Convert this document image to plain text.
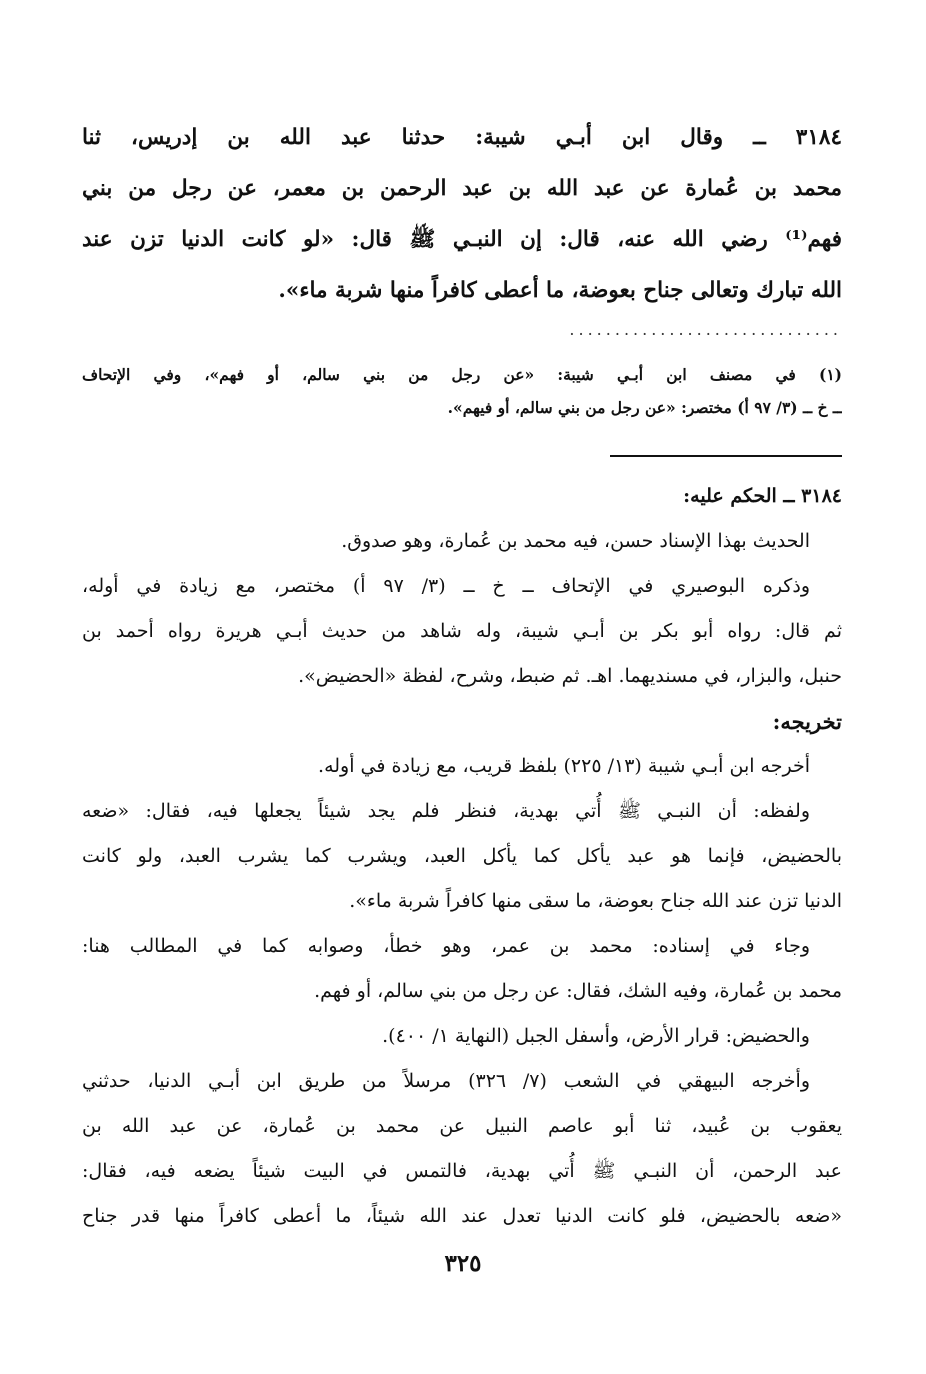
٣١٨٤ ــ وقال ابن أبـي شيبة: حدثنا عبد الله بن إدريس، ثنا
محمد بن عُمارة عن عبد الله بن عبد الرحمن بن معمر، عن رجل من بني
فهم⁽¹⁾ رضي الله عنه، قال: إن النبـي ﷺ قال: «لو كانت الدنيا تزن عند
الله تبارك وتعالى جناح بعوضة، ما أعطى كافراً منها شربة ماء».
..............................
(١) في مصنف ابن أبـي شيبة: «عن رجل من بني سالم، أو فهم»، وفي الإتحاف
ــ خ ــ (٣/ ٩٧ أ) مختصر: «عن رجل من بني سالم، أو فيهم».
٣١٨٤ ــ الحكم عليه:
الحديث بهذا الإسناد حسن، فيه محمد بن عُمارة، وهو صدوق.
وذكره البوصيري في الإتحاف ــ خ ــ (٣/ ٩٧ أ) مختصر، مع زيادة في أوله،
ثم قال: رواه أبو بكر بن أبـي شيبة، وله شاهد من حديث أبـي هريرة رواه أحمد بن
حنبل، والبزار، في مسنديهما. اهـ. ثم ضبط، وشرح، لفظة «الحضيض».
تخريجه:
أخرجه ابن أبـي شيبة (١٣/ ٢٢٥) بلفظ قريب، مع زيادة في أوله.
ولفظه: أن النبـي ﷺ أُتي بهدية، فنظر فلم يجد شيئاً يجعلها فيه، فقال: «ضعه
بالحضيض، فإنما هو عبد يأكل كما يأكل العبد، ويشرب كما يشرب العبد، ولو كانت
الدنيا تزن عند الله جناح بعوضة، ما سقى منها كافراً شربة ماء».
وجاء في إسناده: محمد بن عمر، وهو خطأ، وصوابه كما في المطالب هنا:
محمد بن عُمارة، وفيه الشك، فقال: عن رجل من بني سالم، أو فهم.
والحضيض: قرار الأرض، وأسفل الجبل (النهاية ١/ ٤٠٠).
وأخرجه البيهقي في الشعب (٧/ ٣٢٦) مرسلاً من طريق ابن أبـي الدنيا، حدثني
يعقوب بن عُبيد، ثنا أبو عاصم النبيل عن محمد بن عُمارة، عن عبد الله بن
عبد الرحمن، أن النبـي ﷺ أُتي بهدية، فالتمس في البيت شيئاً يضعه فيه، فقال:
«ضعه بالحضيض، فلو كانت الدنيا تعدل عند الله شيئاً، ما أعطى كافراً منها قدر جناح
٣٢٥
